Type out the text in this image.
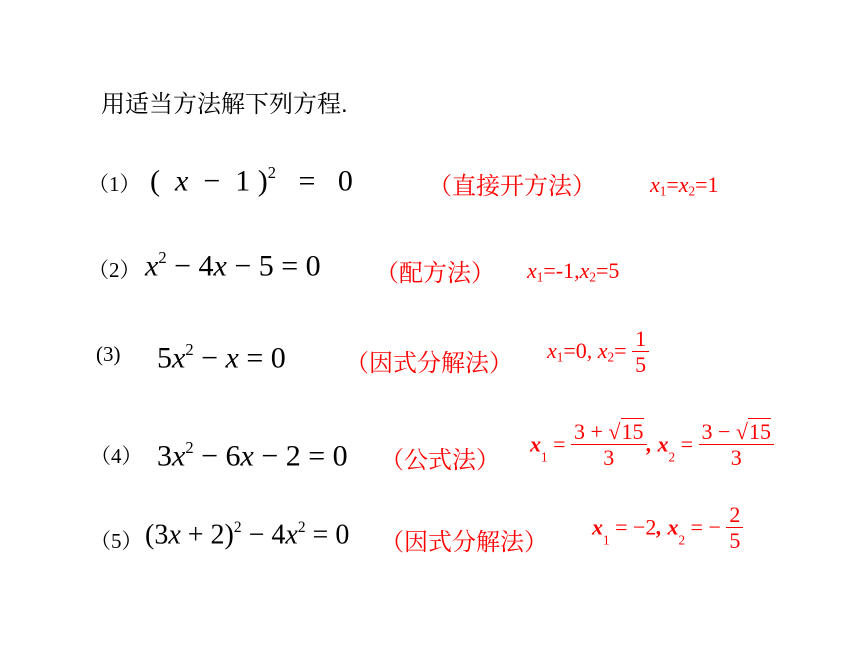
用适当方法解下列方程.
（1） (  x  −  1 )$^2$   =   0	（直接开方法） $x_1=x_2=1$
（2） $x^2 - 4x - 5 = 0$ （配方法） $x_1=-1,x_2=5$
(3) $5x^2 - x = 0$ （因式分解法） $x_1=0$, $x_2= \frac{1}{5}$
（4） $3x^2 - 6x - 2 = 0$ （公式法）
$x_1 = \frac{3 + √15}{3}$ , $x_2 = \frac{3 - √15}{3}$
（5） $(3x + 2)^2 - 4x^2 = 0$ （因式分解法）
$x_1 = -2$, $x_2$ = − $\frac{2}{5}$
